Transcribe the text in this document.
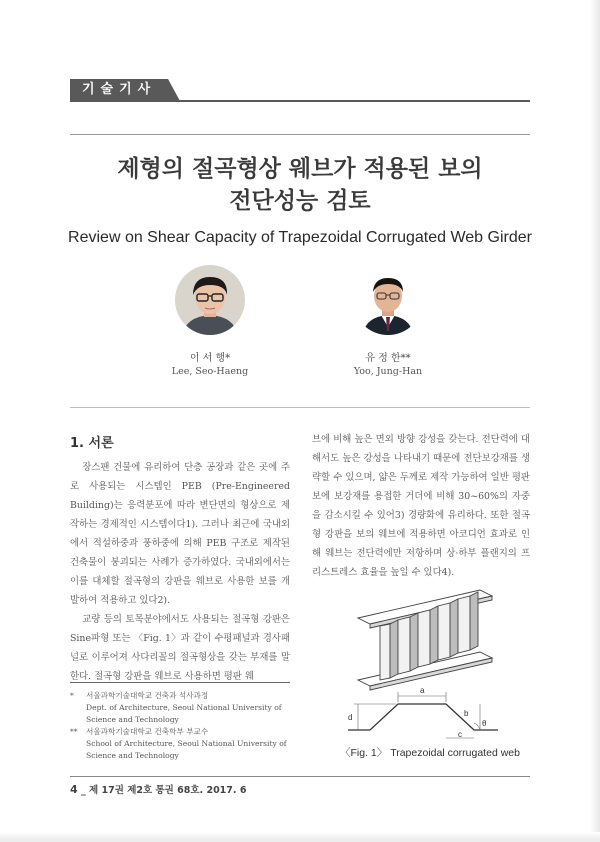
기술기사
제형의 절곡형상 웨브가 적용된 보의
전단성능 검토
Review on Shear Capacity of Trapezoidal Corrugated Web Girder
이 서 행*
Lee, Seo-Haeng
유 정 한**
Yoo, Jung-Han
1. 서론

장스팬 건물에 유리하여 단층 공장과 같은 곳에 주로 사용되는 시스템인 PEB (Pre-Engineered Building)는 응력분포에 따라 변단면의 형상으로 제작하는 경제적인 시스템이다1). 그러나 최근에 국내외에서 적설하중과 풍하중에 의해 PEB 구조로 제작된 건축물이 붕괴되는 사례가 증가하였다. 국내외에서는 이를 대체할 절곡형의 강판을 웨브로 사용한 보를 개발하여 적용하고 있다2).

교량 등의 토목분야에서도 사용되는 절곡형 강판은 Sine파형 또는 〈Fig. 1〉과 같이 수평패널과 경사패널로 이루어져 사다리꼴의 절곡형상을 갖는 부재를 말한다. 절곡형 강판을 웨브로 사용하면 평판 웨

브에 비해 높은 면외 방향 강성을 갖는다. 전단력에 대해서도 높은 강성을 나타내기 때문에 전단보강재를 생략할 수 있으며, 얇은 두께로 제작 가능하여 일반 평판 보에 보강재를 용접한 거더에 비해 30~60%의 자중을 감소시킬 수 있어3) 경량화에 유리하다. 또한 절곡형 강판을 보의 웨브에 적용하면 아코디언 효과로 인해 웨브는 전단력에만 저항하며 상·하부 플랜지의 프리스트레스 효율을 높일 수 있다4).

*	서울과학기술대학교 건축과 석사과정
Dept. of Architecture, Seoul National University of Science and Technology
**	서울과학기술대학교 건축학부 부교수
School of Architecture, Seoul National University of Science and Technology
a
b
c
d
θ
〈Fig. 1〉 Trapezoidal corrugated web
4 _ 제 17권 제2호 통권 68호. 2017. 6
